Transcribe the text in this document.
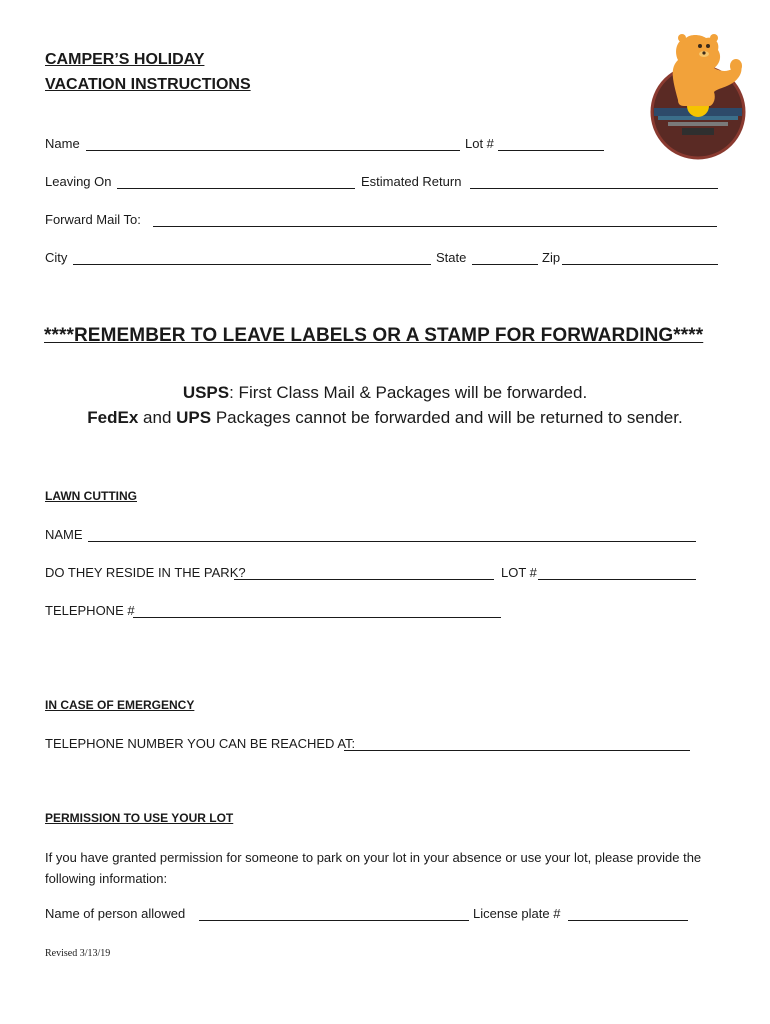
CAMPER’S HOLIDAY
VACATION INSTRUCTIONS
Name	Lot #
Leaving On	Estimated Return
Forward Mail To:
City	State	Zip
****REMEMBER TO LEAVE LABELS OR A STAMP FOR FORWARDING****
USPS: First Class Mail & Packages will be forwarded.
FedEx and UPS Packages cannot be forwarded and will be returned to sender.
LAWN CUTTING
NAME
DO THEY RESIDE IN THE PARK?	LOT #
TELEPHONE #
IN CASE OF EMERGENCY
TELEPHONE NUMBER YOU CAN BE REACHED AT:
PERMISSION TO USE YOUR LOT
If you have granted permission for someone to park on your lot in your absence or use your lot, please provide the following information:
Name of person allowed	License plate #
Revised 3/13/19
